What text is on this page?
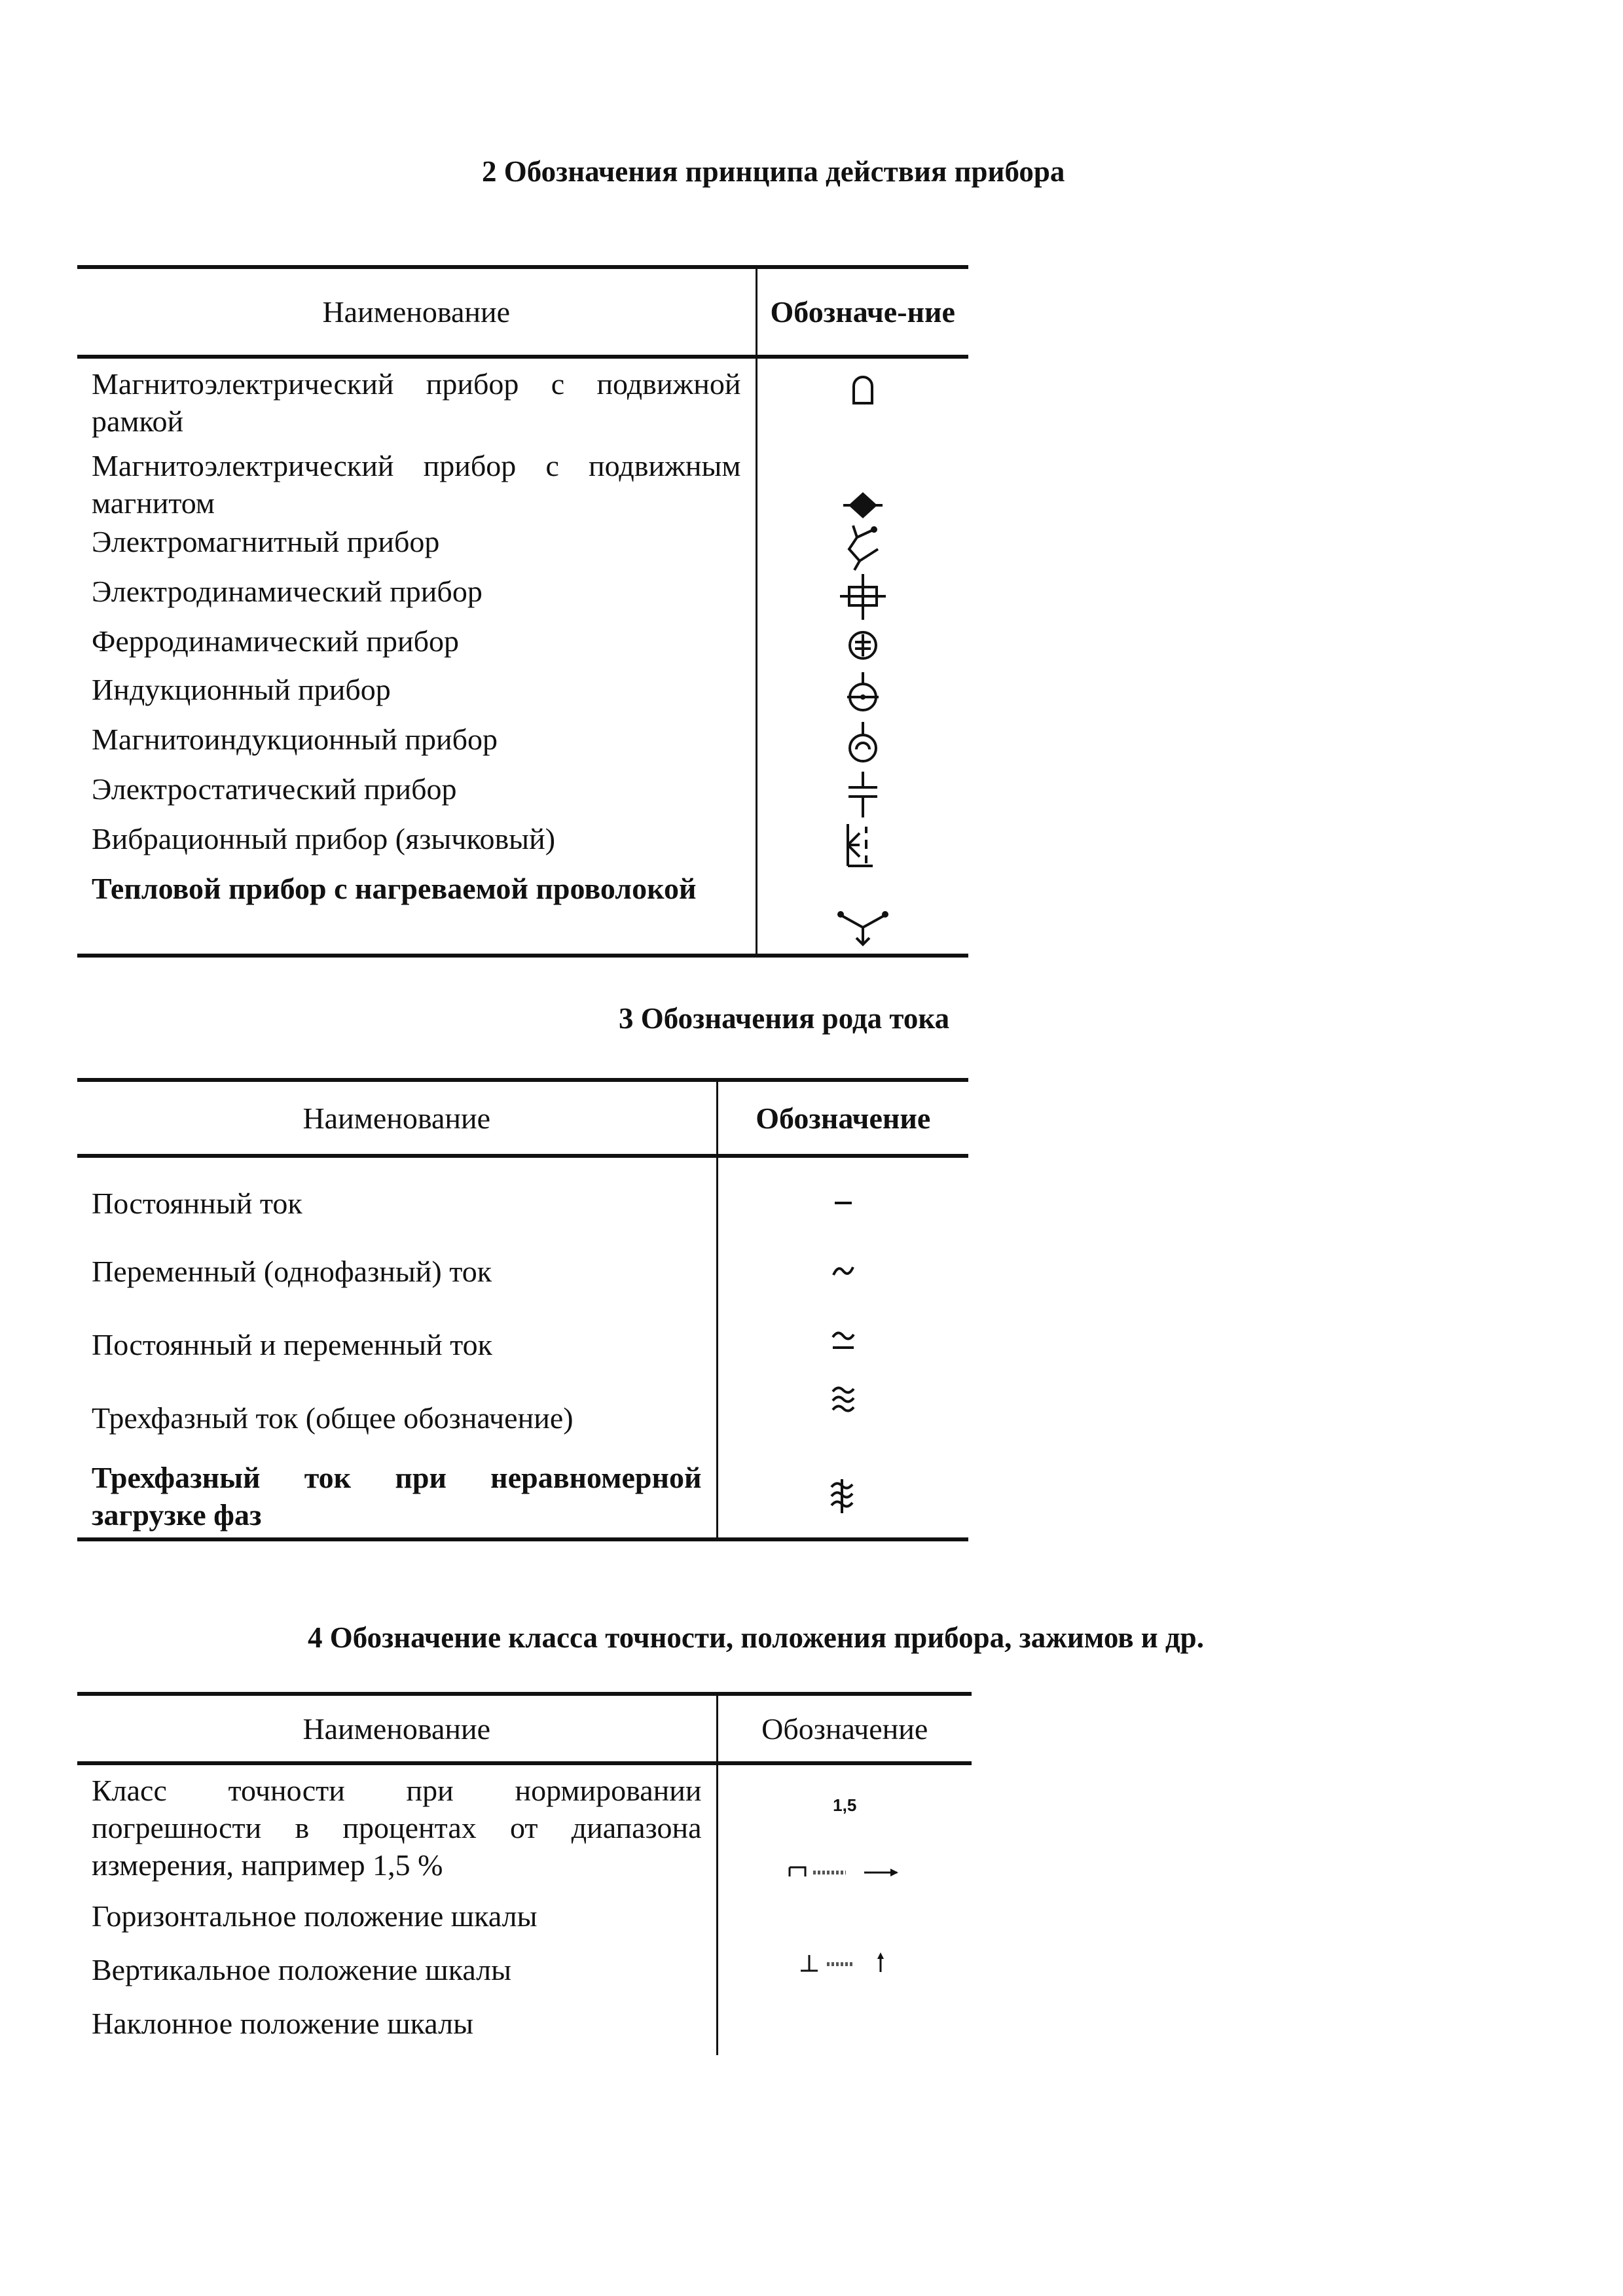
2 Обозначения принципа действия прибора
Наименование	Обозначе-ние
Магнитоэлектрический прибор с подвижной рамкой	

Магнитоэлектрический прибор с подвижным магнитом	

Электромагнитный прибор	

Электродинамический прибор	

Ферродинамический прибор	

Индукционный прибор	

Магнитоиндукционный прибор	

Электростатический прибор	

Вибрационный прибор (язычковый)	

Тепловой прибор с нагреваемой проволокой	
3 Обозначения рода тока
Наименование	Обозначение
Постоянный ток	

Переменный (однофазный) ток	

Постоянный и переменный ток	

Трехфазный ток (общее обозначение)	

Трехфазный ток при неравномерной загрузке фаз	
4 Обозначение класса точности, положения прибора, зажимов и др.
Наименование	Обозначение
Класс точности при нормировании погрешности в процентах от диапазона измерения, например 1,5 %	1,5

Горизонтальное положение шкалы	
Вертикальное положение шкалы	

Наклонное положение шкалы	
